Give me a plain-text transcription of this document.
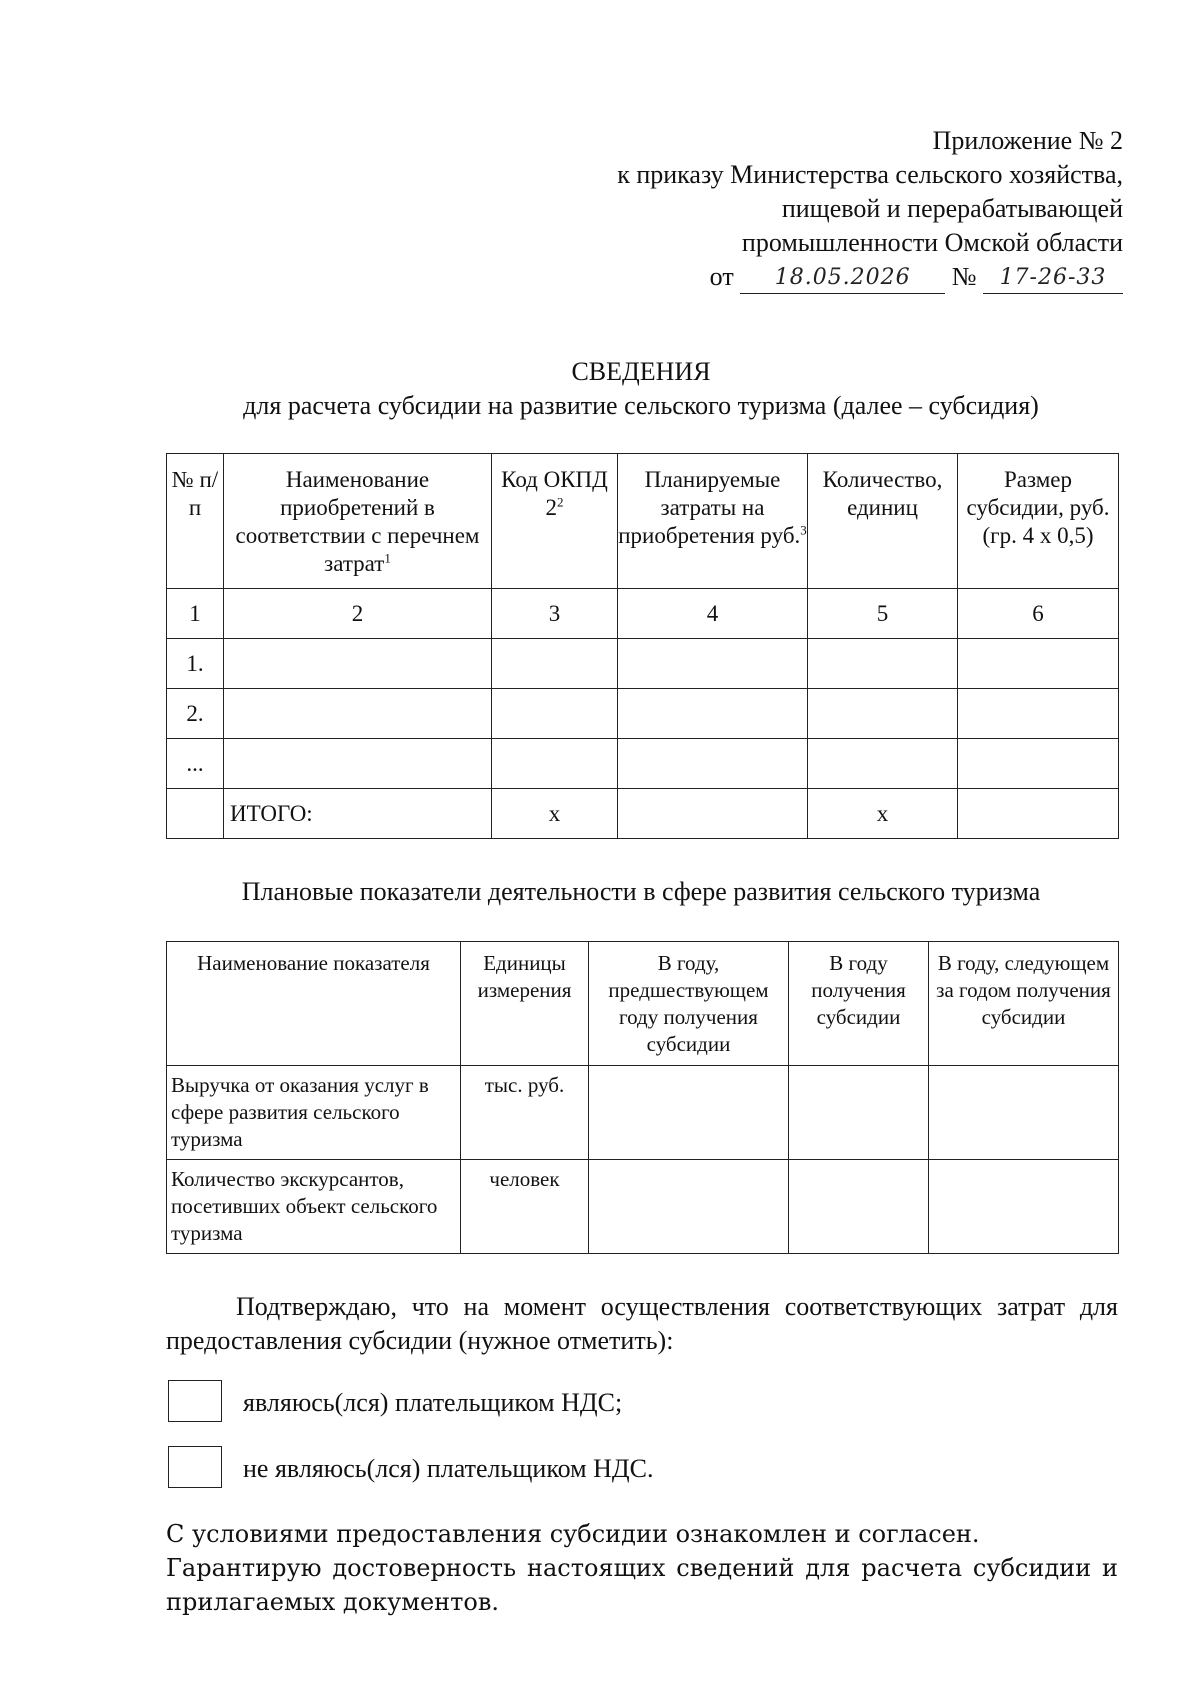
Приложение № 2
к приказу Министерства сельского хозяйства,
пищевой и перерабатывающей
промышленности Омской области
от 18.05.2026 № 17-26-33
СВЕДЕНИЯ
для расчета субсидии на развитие сельского туризма (далее – субсидия)
№ п/п	Наименование приобретений в соответствии с перечнем затрат$^1$	Код ОКПД $2^2$	Планируемые затраты на приобретения руб.$^3$	Количество, единиц	Размер субсидии, руб. (гр. 4 х 0,5)
1	2	3	4	5	6
1.					
2.					
...					
	ИТОГО:	х		х	
Плановые показатели деятельности в сфере развития сельского туризма
Наименование показателя	Единицы измерения	В году, предшествующем году получения субсидии	В году получения субсидии	В году, следующем за годом получения субсидии
Выручка от оказания услуг в сфере развития сельского туризма	тыс. руб.			
Количество экскурсантов, посетивших объект сельского туризма	человек			
Подтверждаю, что на момент осуществления соответствующих затрат для предоставления субсидии (нужное отметить):
являюсь(лся) плательщиком НДС;
не являюсь(лся) плательщиком НДС.
С условиями предоставления субсидии ознакомлен и согласен.
Гарантирую достоверность настоящих сведений для расчета субсидии и прилагаемых документов.
